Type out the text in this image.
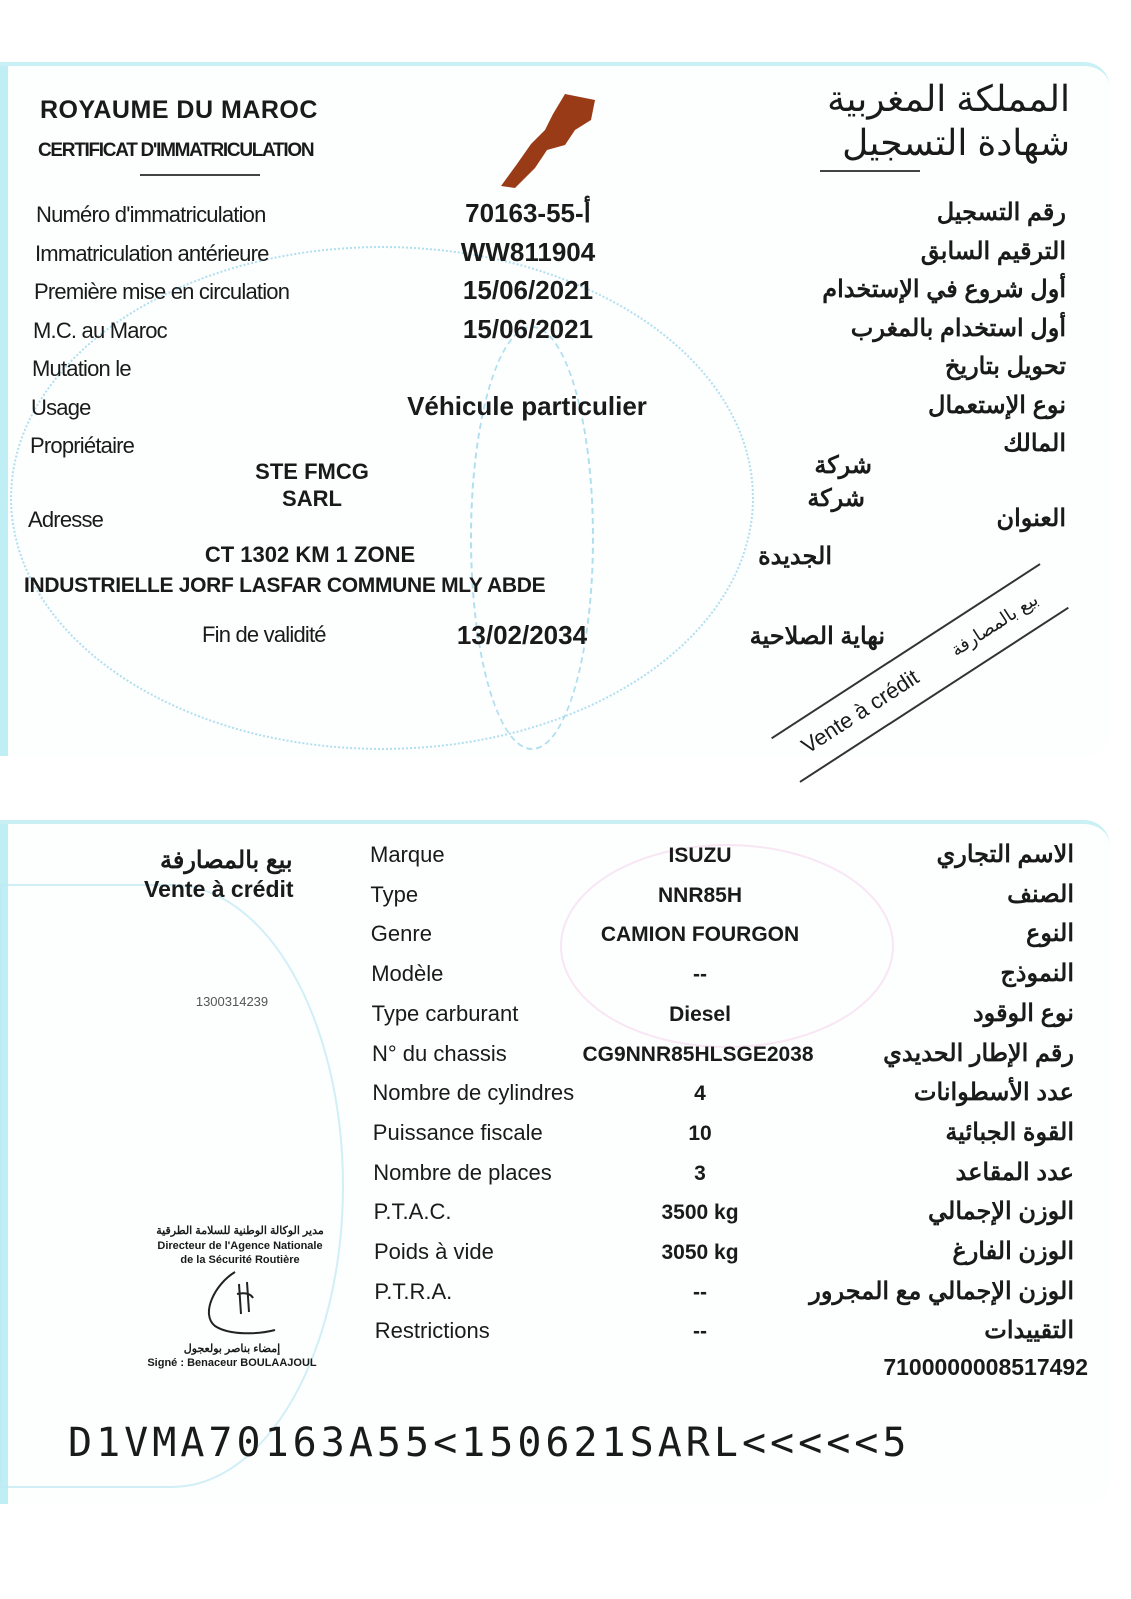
ROYAUME DU MAROC
CERTIFICAT D'IMMATRICULATION
المملكة المغربية
شهادة التسجيل
Numéro d'immatriculation	70163-أ-55	رقم التسجيل
Immatriculation antérieure	WW811904	الترقيم السابق
Première mise en circulation	15/06/2021	أول شروع في الإستخدام
M.C. au Maroc	15/06/2021	أول استخدام بالمغرب
Mutation le	تحويل بتاريخ
Usage	Véhicule particulier	نوع الإستعمال
Propriétaire	المالك
STE FMCG
SARL
شركة
شركة
Adresse	العنوان
CT 1302 KM 1 ZONE
INDUSTRIELLE JORF LASFAR COMMUNE MLY ABDE
الجديدة
Fin de validité	13/02/2034	نهاية الصلاحية
Vente à crédit
بيع بالمصارفة
بيع بالمصارفة
Vente à crédit
1300314239
Marque	ISUZU	الاسم التجاري
Type	NNR85H	الصنف
Genre	CAMION FOURGON	النوع
Modèle	--	النموذج
Type carburant	Diesel	نوع الوقود
N° du chassis	CG9NNR85HLSGE2038	رقم الإطار الحديدي
Nombre de cylindres	4	عدد الأسطوانات
Puissance fiscale	10	القوة الجبائية
Nombre de places	3	عدد المقاعد
P.T.A.C.	3500 kg	الوزن الإجمالي
Poids à vide	3050 kg	الوزن الفارغ
P.T.R.A.	--	الوزن الإجمالي مع المجرور
Restrictions	--	التقييدات
مدير الوكالة الوطنية للسلامة الطرقية
Directeur de l'Agence Nationale
de la Sécurité Routière
إمضاء بناصر بولعجول
Signé : Benaceur BOULAAJOUL	7100000008517492
D1VMA70163A55<150621SARL<<<<<5
